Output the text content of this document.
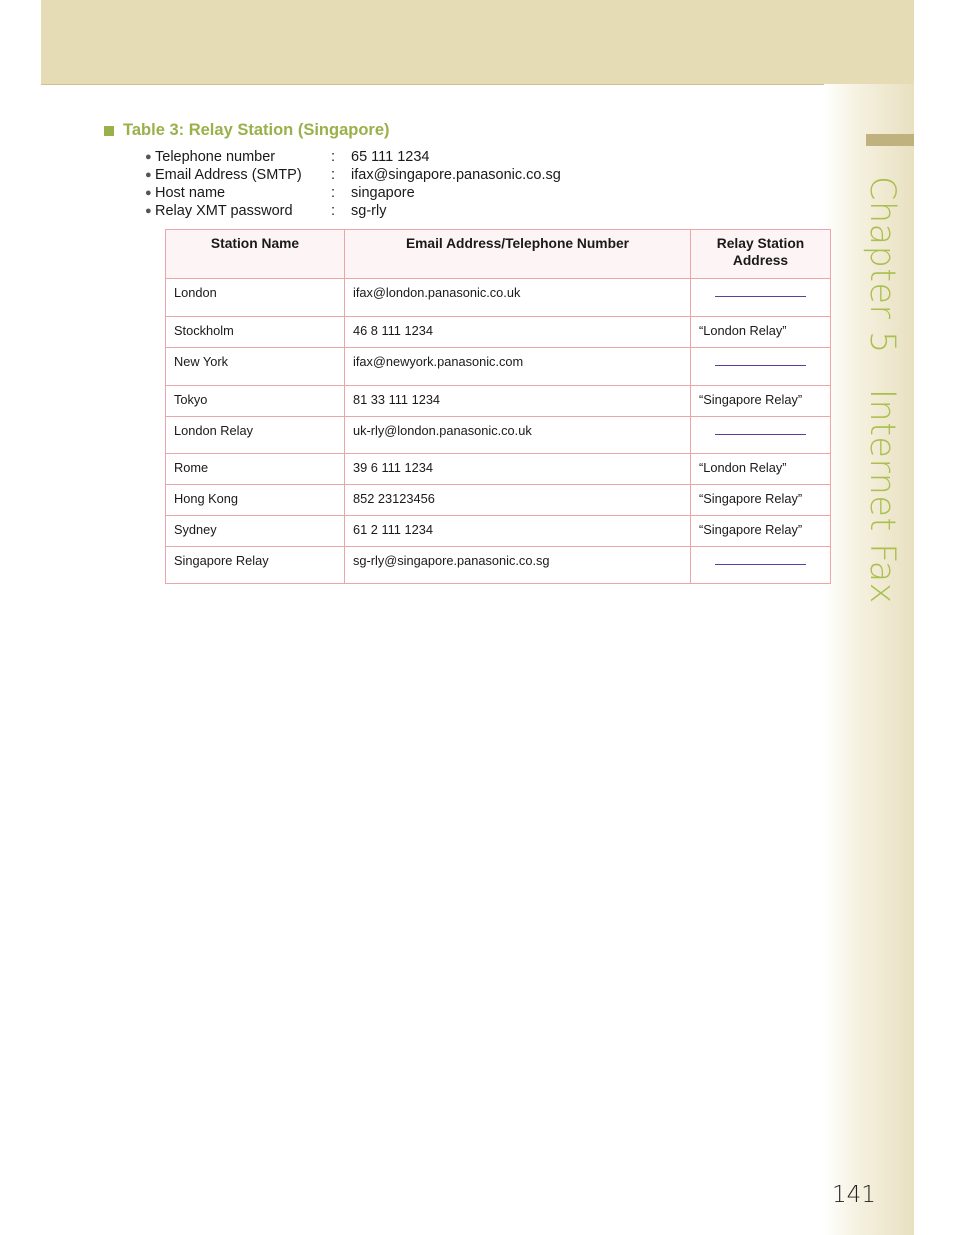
Chapter 5   Internet Fax
Table 3: Relay Station (Singapore)
● Telephone number	:	65 111 1234
● Email Address (SMTP)	:	ifax@singapore.panasonic.co.sg
● Host name	:	singapore
● Relay XMT password	:	sg-rly
Station Name	Email Address/Telephone Number	Relay Station Address
London	ifax@london.panasonic.co.uk	

Stockholm	46 8 111 1234	“London Relay”
New York	ifax@newyork.panasonic.com	

Tokyo	81 33 111 1234	“Singapore Relay”
London Relay	uk-rly@london.panasonic.co.uk	

Rome	39 6 111 1234	“London Relay”
Hong Kong	852 23123456	“Singapore Relay”
Sydney	61 2 111 1234	“Singapore Relay”
Singapore Relay	sg-rly@singapore.panasonic.co.sg	
141
